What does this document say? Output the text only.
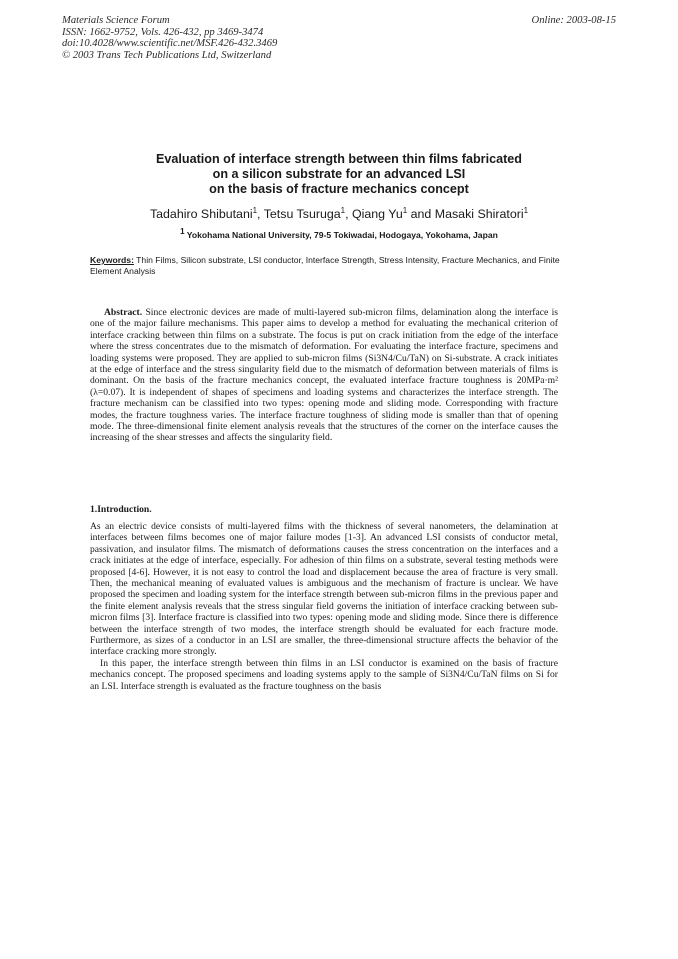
Materials Science Forum
ISSN: 1662-9752, Vols. 426-432, pp 3469-3474
doi:10.4028/www.scientific.net/MSF.426-432.3469
© 2003 Trans Tech Publications Ltd, Switzerland
Online: 2003-08-15
Evaluation of interface strength between thin films fabricated
on a silicon substrate for an advanced LSI
on the basis of fracture mechanics concept
Tadahiro Shibutani$^1$, Tetsu Tsuruga$^1$, Qiang Yu$^1$ and Masaki Shiratori$^1$
$^1$ Yokohama National University, 79-5 Tokiwadai, Hodogaya, Yokohama, Japan
Keywords: Thin Films, Silicon substrate, LSI conductor, Interface Strength, Stress Intensity, Fracture Mechanics, and Finite Element Analysis
Abstract. Since electronic devices are made of multi-layered sub-micron films, delamination along the interface is one of the major failure mechanisms. This paper aims to develop a method for evaluating the mechanical criterion of interface cracking between thin films on a substrate. The focus is put on crack initiation from the edge of the interface where the stress concentrates due to the mismatch of deformation. For evaluating the interface fracture, specimens and loading systems were proposed. They are applied to sub-micron films (Si3N4/Cu/TaN) on Si-substrate. A crack initiates at the edge of interface and the stress singularity field due to the mismatch of deformation between materials of films is dominant. On the basis of the fracture mechanics concept, the evaluated interface fracture toughness is 20MPa·m² (λ=0.07). It is independent of shapes of specimens and loading systems and characterizes the interface strength. The fracture mechanism can be classified into two types: opening mode and sliding mode. Corresponding with fracture modes, the fracture toughness varies. The interface fracture toughness of sliding mode is smaller than that of opening mode. The three-dimensional finite element analysis reveals that the structures of the corner on the interface causes the increasing of the shear stresses and affects the singularity field.
1.Introduction.

As an electric device consists of multi-layered films with the thickness of several nanometers, the delamination at interfaces between films becomes one of major failure modes [1-3]. An advanced LSI consists of conductor metal, passivation, and insulator films. The mismatch of deformations causes the stress concentration on the interfaces and a crack initiates at the edge of interface, especially. For adhesion of thin films on a substrate, several testing methods were proposed [4-6]. However, it is not easy to control the load and displacement because the area of fracture is very small. Then, the mechanical meaning of evaluated values is ambiguous and the mechanism of fracture is unclear. We have proposed the specimen and loading system for the interface strength between sub-micron films in the previous paper and the finite element analysis reveals that the stress singular field governs the initiation of interface cracking between sub-micron films [3]. Interface fracture is classified into two types: opening mode and sliding mode. Since there is difference between the interface strength of two modes, the interface strength should be evaluated for each fracture mode. Furthermore, as sizes of a conductor in an LSI are smaller, the three-dimensional structure affects the behavior of the interface cracking more strongly.

In this paper, the interface strength between thin films in an LSI conductor is examined on the basis of fracture mechanics concept. The proposed specimens and loading systems apply to the sample of Si3N4/Cu/TaN films on Si for an LSI. Interface strength is evaluated as the fracture toughness on the basis
